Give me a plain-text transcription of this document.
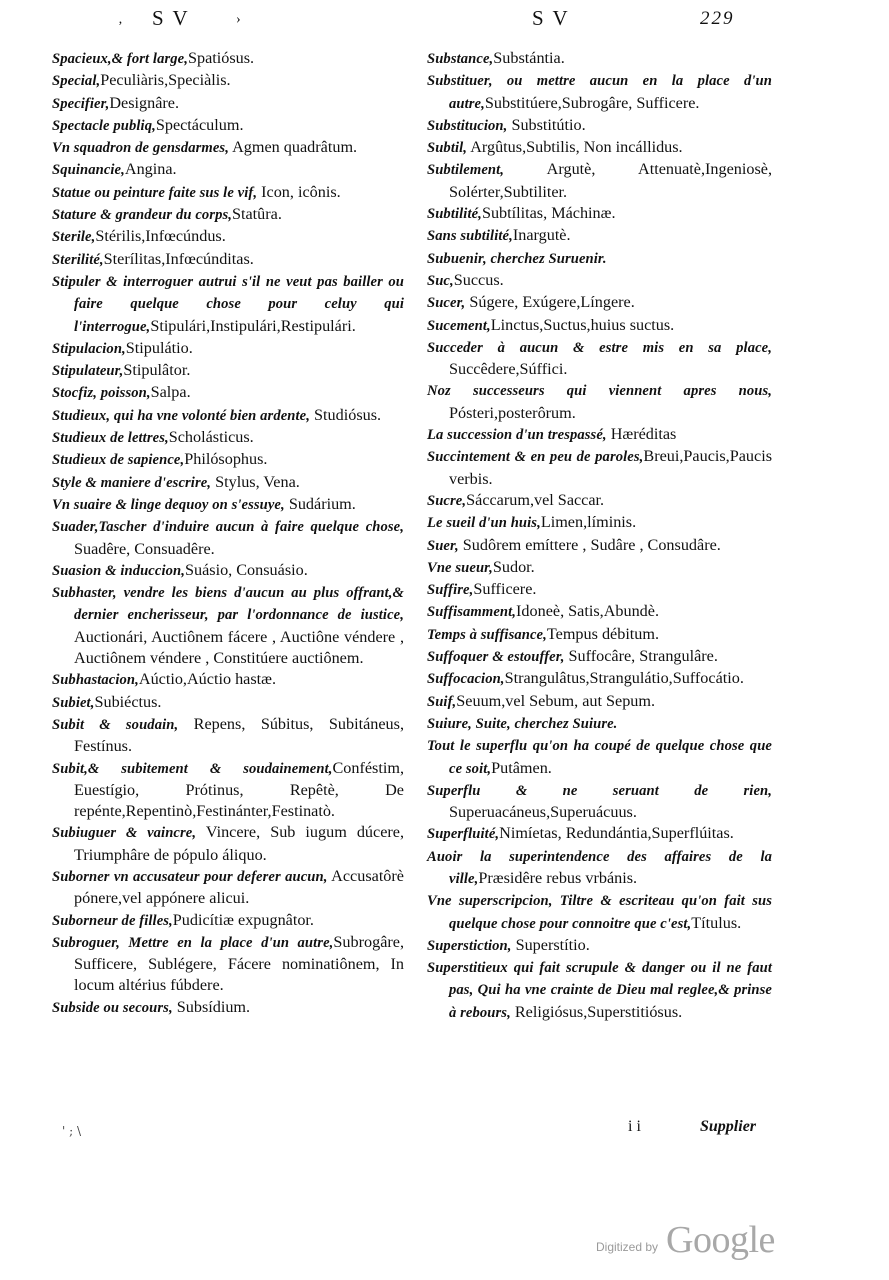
‚ S V	›	S V	229

Spacieux,& fort large,Spatiósus.

Special,Peculiàris,Speciàlis.

Specifier,Designâre.

Spectacle publiq,Spectáculum.

Vn squadron de gensdarmes, Agmen quadrâtum.

Squinancie,Angina.

Statue ou peinture faite sus le vif, Icon, icônis.

Stature & grandeur du corps,Statûra.

Sterile,Stérilis,Infœcúndus.

Sterilité,Sterílitas,Infœcúnditas.

Stipuler & interroguer autrui s'il ne veut pas bailler ou faire quelque chose pour celuy qui l'interrogue,Stipulári,Instipulári,Restipulári.

Stipulacion,Stipulátio.

Stipulateur,Stipulâtor.

Stocfiz, poisson,Salpa.

Studieux, qui ha vne volonté bien ardente, Studiósus.

Studieux de lettres,Scholásticus.

Studieux de sapience,Philósophus.

Style & maniere d'escrire, Stylus, Vena.

Vn suaire & linge dequoy on s'essuye, Sudárium.

Suader,Tascher d'induire aucun à faire quelque chose, Suadêre, Consuadêre.

Suasion & induccion,Suásio, Consuásio.

Subhaster, vendre les biens d'aucun au plus offrant,& dernier encherisseur, par l'ordonnance de iustice, Auctionári, Auctiônem fácere , Auctiône véndere , Auctiônem véndere , Constitúere auctiônem.

Subhastacion,Aúctio,Aúctio hastæ.

Subiet,Subiéctus.

Subit & soudain, Repens, Súbitus, Subitáneus, Festínus.

Subit,& subitement & soudainement,Conféstim, Euestígio, Prótinus, Repêtè, De repénte,Repentinò,Festinánter,Festinatò.

Subiuguer & vaincre, Vincere, Sub iugum dúcere, Triumphâre de pópulo áliquo.

Suborner vn accusateur pour deferer aucun, Accusatôrè pónere,vel appónere alicui.

Suborneur de filles,Pudicítiæ expugnâtor.

Subroguer, Mettre en la place d'un autre,Subrogâre, Sufficere, Sublégere, Fácere nominatiônem, In locum altérius fúbdere.

Subside ou secours, Subsídium.

Substance,Substántia.

Substituer, ou mettre aucun en la place d'un autre,Substitúere,Subrogâre, Sufficere.

Substitucion, Substitútio.

Subtil, Argûtus,Subtilis, Non incállidus.

Subtilement, Argutè, Attenuatè,Ingeniosè, Solérter,Subtiliter.

Subtilité,Subtílitas, Máchinæ.

Sans subtilité,Inargutè.

Subuenir, cherchez Suruenir.

Suc,Succus.

Sucer, Súgere, Exúgere,Língere.

Sucement,Linctus,Suctus,huius suctus.

Succeder à aucun & estre mis en sa place, Succêdere,Súffici.

Noz successeurs qui viennent apres nous, Pósteri,posterôrum.

La succession d'un trespassé, Hæréditas

Succintement & en peu de paroles,Breui,Paucis,Paucis verbis.

Sucre,Sáccarum,vel Saccar.

Le sueil d'un huis,Limen,líminis.

Suer, Sudôrem emíttere , Sudâre , Consudâre.

Vne sueur,Sudor.

Suffire,Sufficere.

Suffisamment,Idoneè, Satis,Abundè.

Temps à suffisance,Tempus débitum.

Suffoquer & estouffer, Suffocâre, Strangulâre.

Suffocacion,Strangulâtus,Strangulátio,Suffocátio.

Suif,Seuum,vel Sebum, aut Sepum.

Suiure, Suite, cherchez Suiure.

Tout le superflu qu'on ha coupé de quelque chose que ce soit,Putâmen.

Superflu & ne seruant de rien, Superuacáneus,Superuácuus.

Superfluité,Nimíetas, Redundántia,Superflúitas.

Auoir la superintendence des affaires de la ville,Præsidêre rebus vrbánis.

Vne superscripcion, Tiltre & escriteau qu'on fait sus quelque chose pour connoitre que c'est,Títulus.

Superstiction, Superstítio.

Superstitieux qui fait scrupule & danger ou il ne faut pas, Qui ha vne crainte de Dieu mal reglee,& prinse à rebours, Religiósus,Superstitiósus.

' ; \	i i	Supplier
Digitized by Google
